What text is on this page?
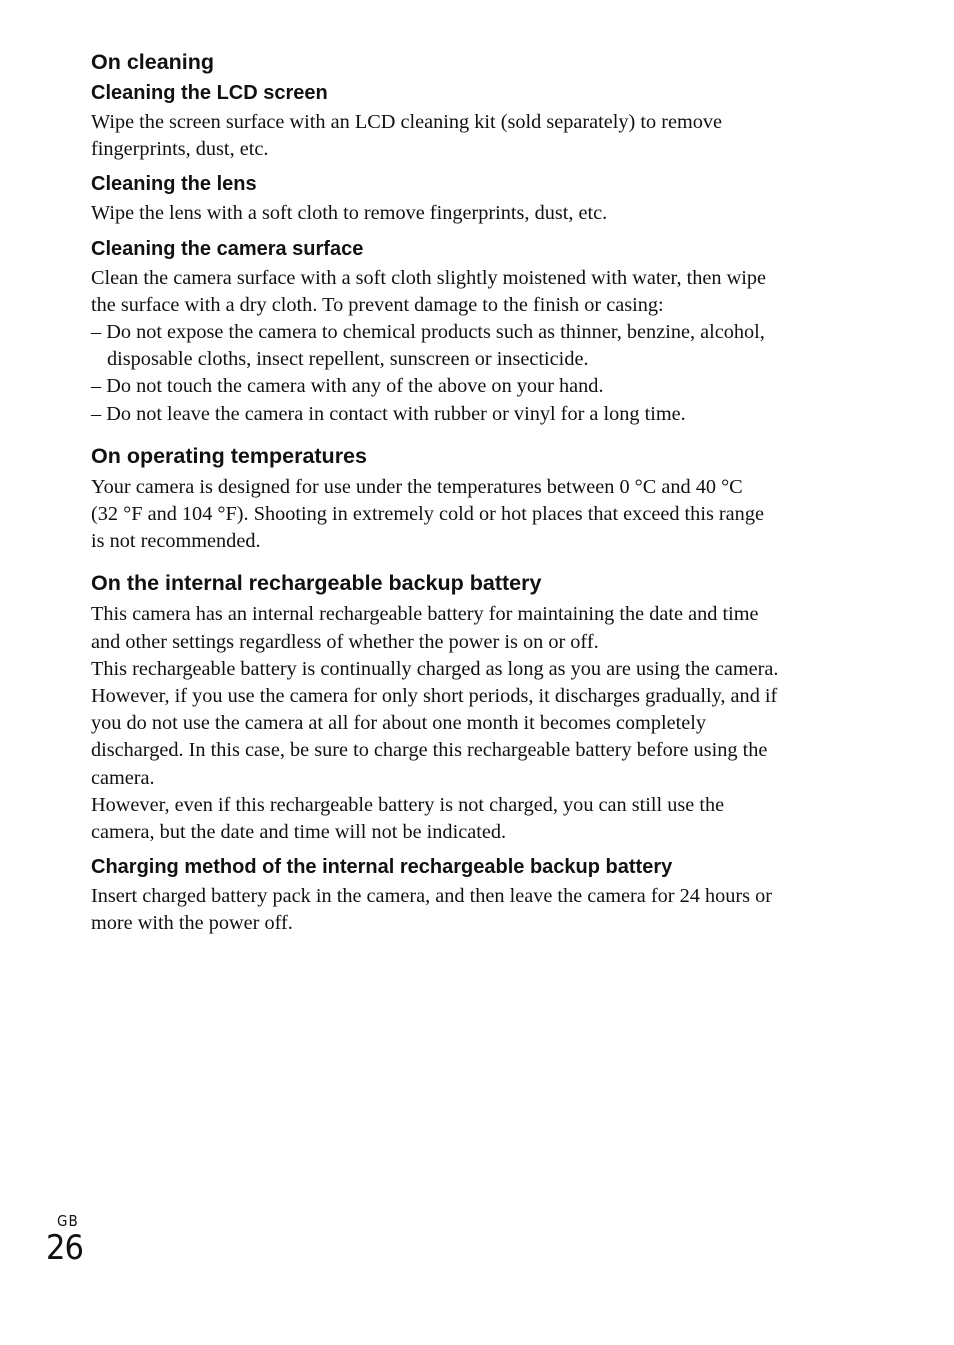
On cleaning
Cleaning the LCD screen
Wipe the screen surface with an LCD cleaning kit (sold separately) to remove
fingerprints, dust, etc.
Cleaning the lens
Wipe the lens with a soft cloth to remove fingerprints, dust, etc.
Cleaning the camera surface
Clean the camera surface with a soft cloth slightly moistened with water, then wipe
the surface with a dry cloth. To prevent damage to the finish or casing:
– Do not expose the camera to chemical products such as thinner, benzine, alcohol, disposable cloths, insect repellent, sunscreen or insecticide.
– Do not touch the camera with any of the above on your hand.
– Do not leave the camera in contact with rubber or vinyl for a long time.
On operating temperatures
Your camera is designed for use under the temperatures between 0 °C and 40 °C
(32 °F and 104 °F). Shooting in extremely cold or hot places that exceed this range
is not recommended.
On the internal rechargeable backup battery
This camera has an internal rechargeable battery for maintaining the date and time
and other settings regardless of whether the power is on or off.
This rechargeable battery is continually charged as long as you are using the camera.
However, if you use the camera for only short periods, it discharges gradually, and if
you do not use the camera at all for about one month it becomes completely
discharged. In this case, be sure to charge this rechargeable battery before using the
camera.
However, even if this rechargeable battery is not charged, you can still use the
camera, but the date and time will not be indicated.
Charging method of the internal rechargeable backup battery
Insert charged battery pack in the camera, and then leave the camera for 24 hours or
more with the power off.
GB
26
